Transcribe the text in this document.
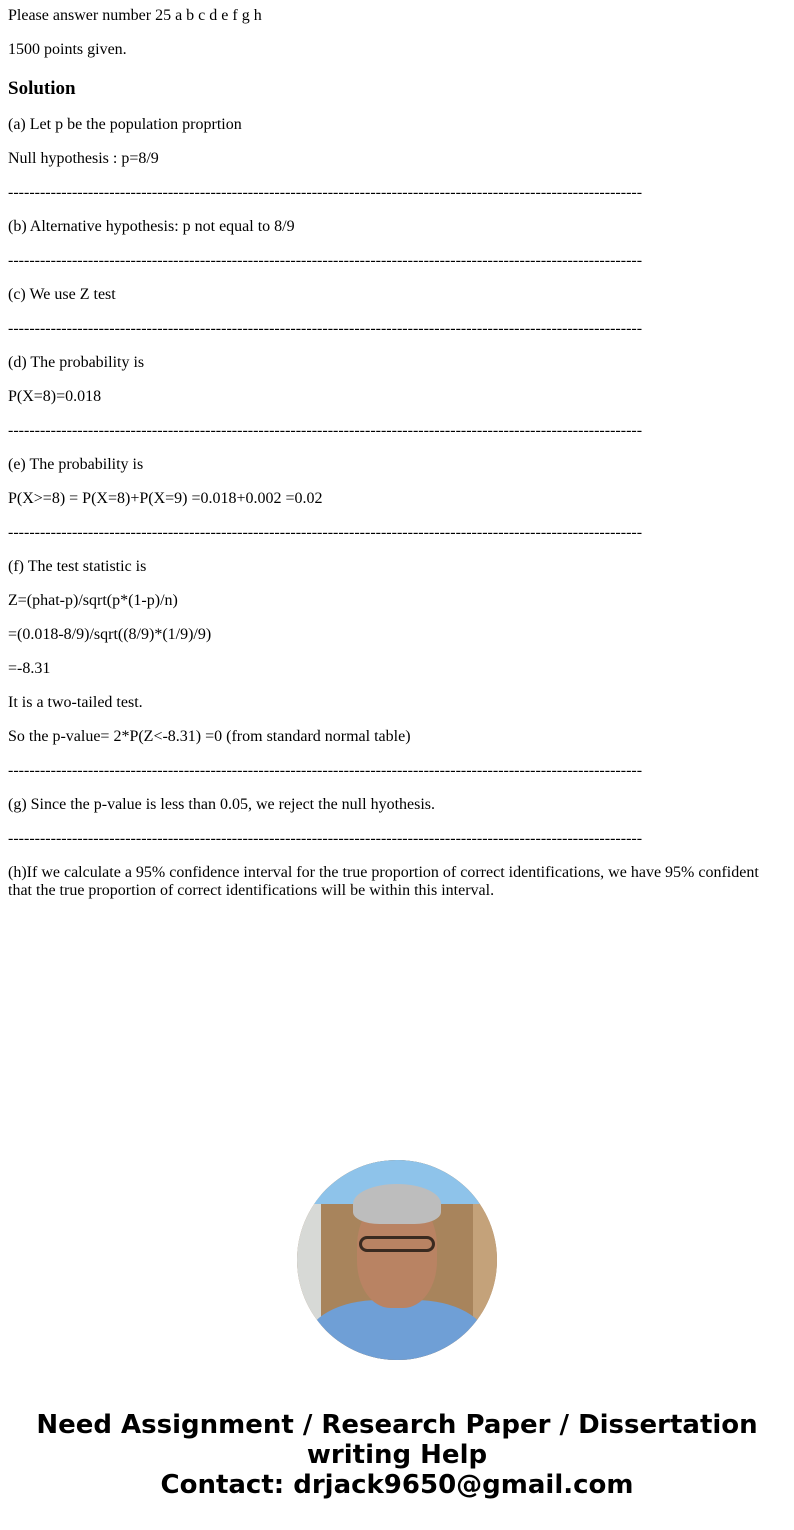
Please answer number 25 a b c d e f g h

1500 points given.

Solution

(a) Let p be the population proprtion

Null hypothesis : p=8/9

-----------------------------------------------------------------------------------------------------------------------

(b) Alternative hypothesis: p not equal to 8/9

-----------------------------------------------------------------------------------------------------------------------

(c) We use Z test

-----------------------------------------------------------------------------------------------------------------------

(d) The probability is

P(X=8)=0.018

-----------------------------------------------------------------------------------------------------------------------

(e) The probability is

P(X>=8) = P(X=8)+P(X=9) =0.018+0.002 =0.02

-----------------------------------------------------------------------------------------------------------------------

(f) The test statistic is

Z=(phat-p)/sqrt(p*(1-p)/n)

=(0.018-8/9)/sqrt((8/9)*(1/9)/9)

=-8.31

It is a two-tailed test.

So the p-value= 2*P(Z<-8.31) =0 (from standard normal table)

-----------------------------------------------------------------------------------------------------------------------

(g) Since the p-value is less than 0.05, we reject the null hyothesis.

-----------------------------------------------------------------------------------------------------------------------

(h)If we calculate a 95% confidence interval for the true proportion of correct identifications, we have 95% confident that the true proportion of correct identifications will be within this interval.

Need Assignment / Research Paper / Dissertation writing Help
Contact: drjack9650@gmail.com
